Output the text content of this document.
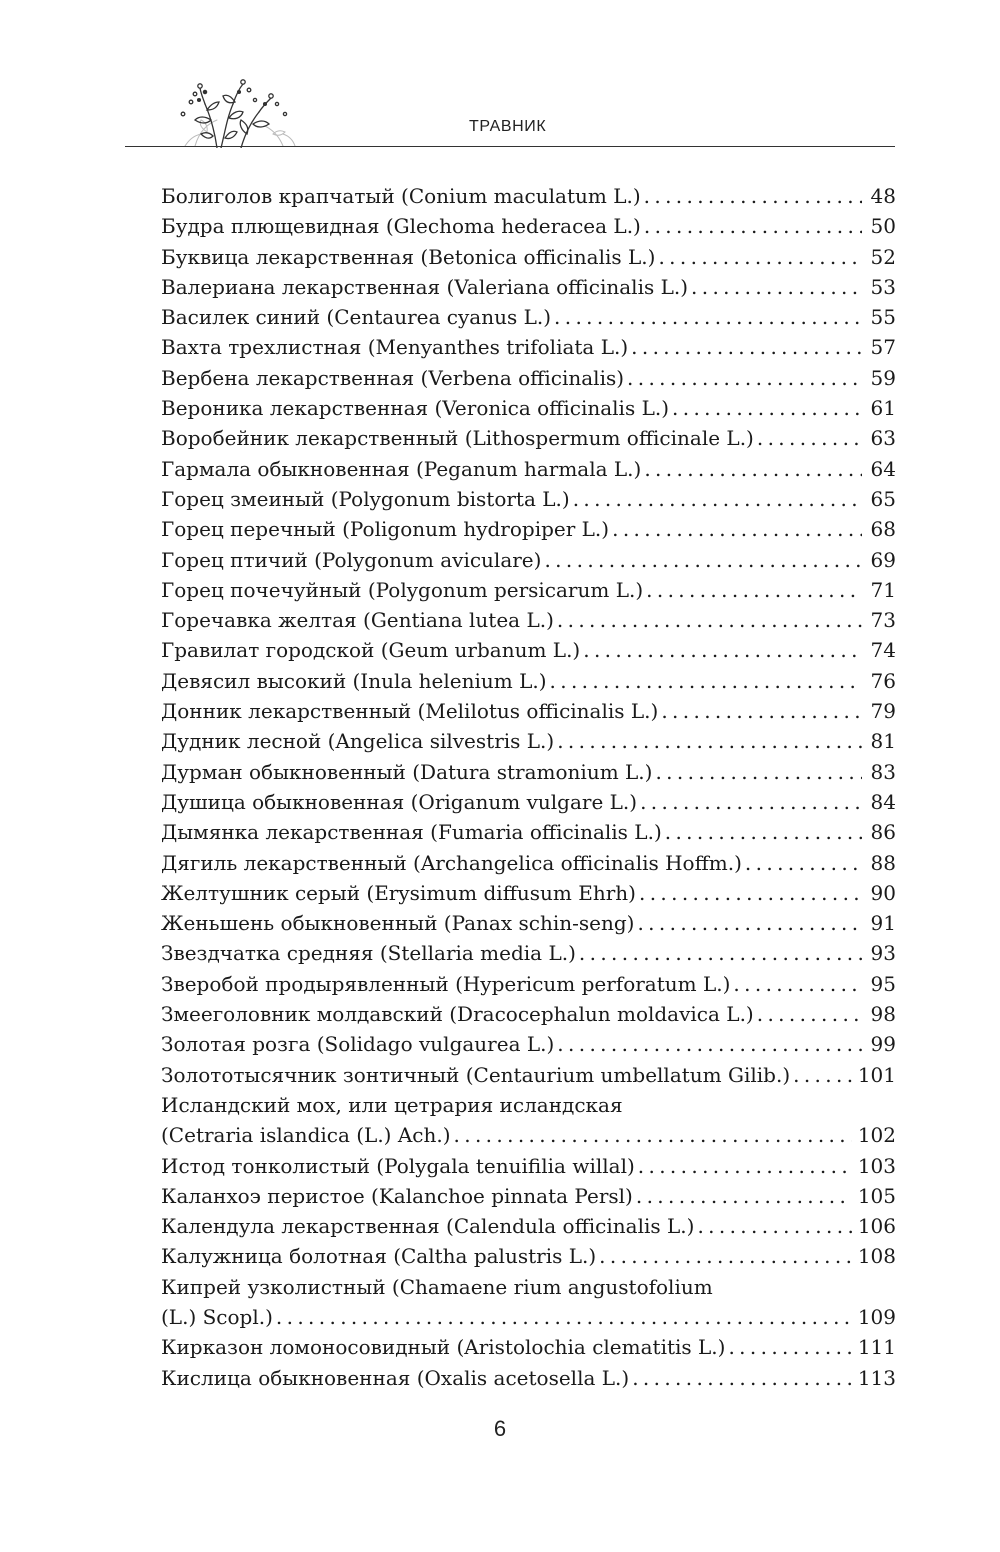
ТРАВНИК
Болиголов крапчатый (Conium maculatum L.) . . .	48
Будра плющевидная (Glechoma hederacea L.) . . .	50
Буквица лекарственная (Betonica officinalis L.) . . .	52
Валериана лекарственная (Valeriana officinalis L.) . . .	53
Василек синий (Centaurea cyanus L.) . . .	55
Вахта трехлистная (Menyanthes trifoliata L.) . . .	57
Вербена лекарственная (Verbena officinalis) . . .	59
Вероника лекарственная (Veronica officinalis L.) . . .	61
Воробейник лекарственный (Lithospermum officinale L.) . . .	63
Гармала обыкновенная (Peganum harmala L.) . . .	64
Горец змеиный (Polygonum bistorta L.) . . .	65
Горец перечный (Poligonum hydropiper L.) . . .	68
Горец птичий (Polygonum aviculare) . . .	69
Горец почечуйный (Polygonum persicarum L.) . . .	71
Горечавка желтая (Gentiana lutea L.) . . .	73
Гравилат городской (Geum urbanum L.) . . .	74
Девясил высокий (Inula helenium L.) . . .	76
Донник лекарственный (Melilotus officinalis L.) . . .	79
Дудник лесной (Angelica silvestris L.) . . .	81
Дурман обыкновенный (Datura stramonium L.) . . .	83
Душица обыкновенная (Origanum vulgare L.) . . .	84
Дымянка лекарственная (Fumaria officinalis L.) . . .	86
Дягиль лекарственный (Archangelica officinalis Hoffm.) . . .	88
Желтушник серый (Erysimum diffusum Ehrh) . . .	90
Женьшень обыкновенный (Panax schin-seng) . . .	91
Звездчатка средняя (Stellaria media L.) . . .	93
Зверобой продырявленный (Hypericum perforatum L.) . . .	95
Змееголовник молдавский (Dracocephalun moldavica L.) . . .	98
Золотая розга (Solidago vulgaurea L.) . . .	99
Золототысячник зонтичный (Centaurium umbellatum Gilib.) . . .	101
Исландский мох, или цетрария исландская
(Cetraria islandica (L.) Ach.) . . .	102
Истод тонколистый (Polygala tenuifilia willal) . . .	103
Каланхоэ перистое (Kalanchoe pinnata Persl) . . .	105
Календула лекарственная (Calendula officinalis L.) . . .	106
Калужница болотная (Caltha palustris L.) . . .	108
Кипрей узколистный (Chamaene rium angustofolium
(L.) Scopl.) . . .	109
Кирказон ломоносовидный (Aristolochia clematitis L.) . . .	111
Кислица обыкновенная (Oxalis acetosella L.) . . .	113
6
